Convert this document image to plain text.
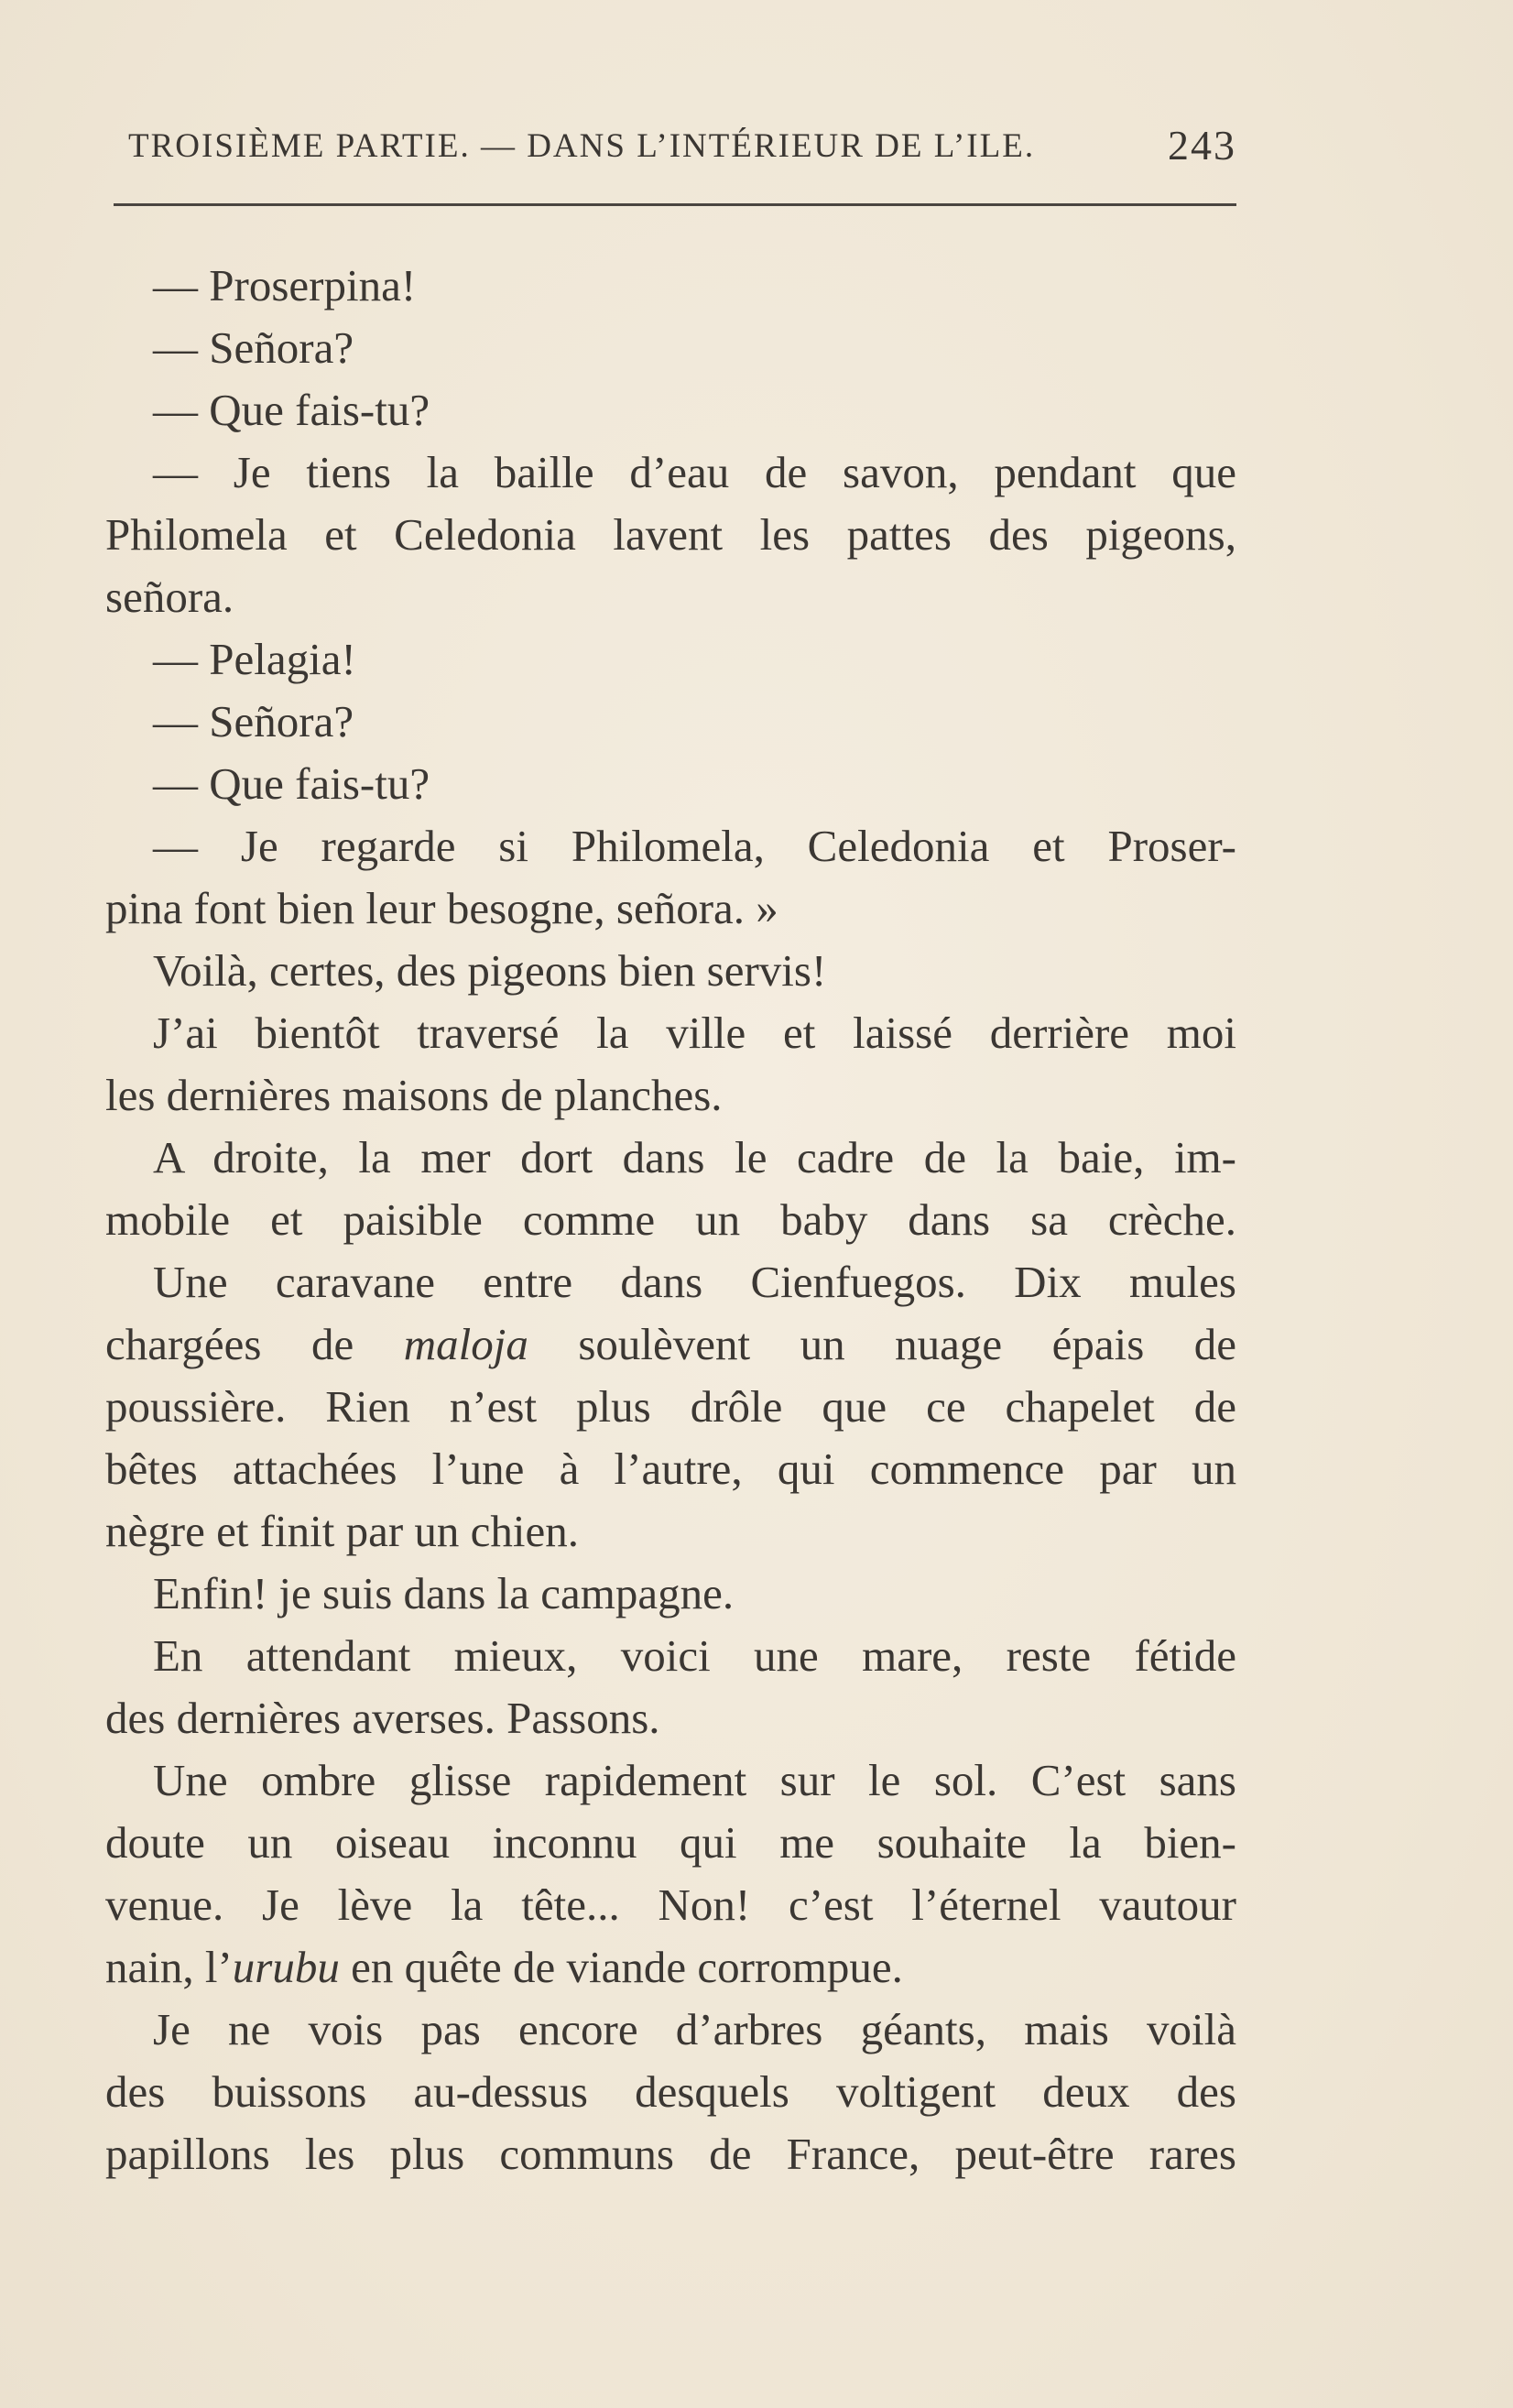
TROISIÈME PARTIE. — DANS L’INTÉRIEUR DE L’ILE.	243
— Proserpina!
— Señora?
— Que fais-tu?
— Je tiens la baille d’eau de savon, pendant que
Philomela et Celedonia lavent les pattes des pigeons,
señora.
— Pelagia!
— Señora?
— Que fais-tu?
— Je regarde si Philomela, Celedonia et Proser-
pina font bien leur besogne, señora. »
Voilà, certes, des pigeons bien servis!
J’ai bientôt traversé la ville et laissé derrière moi
les dernières maisons de planches.
A droite, la mer dort dans le cadre de la baie, im-
mobile et paisible comme un baby dans sa crèche.
Une caravane entre dans Cienfuegos. Dix mules
chargées de maloja soulèvent un nuage épais de
poussière. Rien n’est plus drôle que ce chapelet de
bêtes attachées l’une à l’autre, qui commence par un
nègre et finit par un chien.
Enfin! je suis dans la campagne.
En attendant mieux, voici une mare, reste fétide
des dernières averses. Passons.
Une ombre glisse rapidement sur le sol. C’est sans
doute un oiseau inconnu qui me souhaite la bien-
venue. Je lève la tête... Non! c’est l’éternel vautour
nain, l’urubu en quête de viande corrompue.
Je ne vois pas encore d’arbres géants, mais voilà
des buissons au-dessus desquels voltigent deux des
papillons les plus communs de France, peut-être rares
